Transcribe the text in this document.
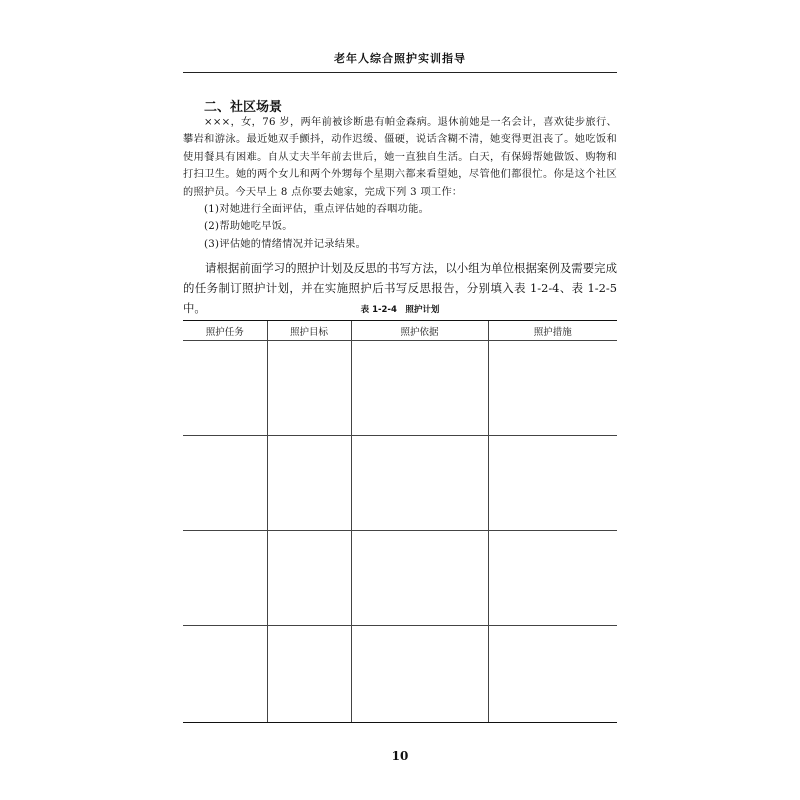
老年人综合照护实训指导
二、社区场景

×××，女，76 岁，两年前被诊断患有帕金森病。退休前她是一名会计，喜欢徒步旅行、攀岩和游泳。最近她双手颤抖，动作迟缓、僵硬，说话含糊不清，她变得更沮丧了。她吃饭和使用餐具有困难。自从丈夫半年前去世后，她一直独自生活。白天，有保姆帮她做饭、购物和打扫卫生。她的两个女儿和两个外甥每个星期六都来看望她，尽管他们都很忙。你是这个社区的照护员。今天早上 8 点你要去她家，完成下列 3 项工作：

(1)对她进行全面评估，重点评估她的吞咽功能。

(2)帮助她吃早饭。

(3)评估她的情绪情况并记录结果。

请根据前面学习的照护计划及反思的书写方法，以小组为单位根据案例及需要完成的任务制订照护计划，并在实施照护后书写反思报告，分别填入表 1-2-4、表 1-2-5 中。	表 1-2-4　照护计划
照护任务	照护目标	照护依据	照护措施

10
